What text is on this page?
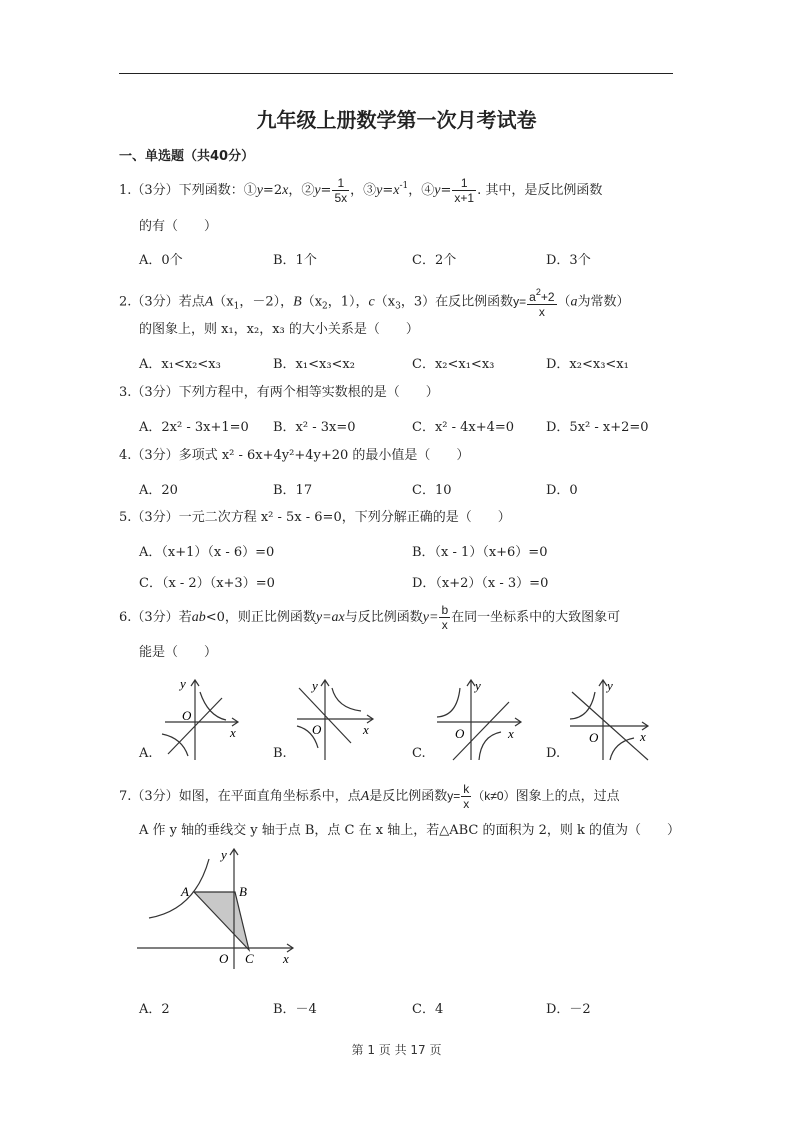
九年级上册数学第一次月考试卷
一、单选题（共40分）
1.（3分）下列函数：①y=2x，②y= $\frac{1}{5x}$ ，$③y=x^{-1}$，④y= $\frac{1}{x+1}$ . 其中，是反比例函数
的有（　　）
A．0个	B．1个	C．2个	D．3个
2.（3分）若点$A(x_1$，－2），$B(x_2$，1），$c(x_3$，3）在反比例函数$y= \frac{a^2+2}{x} (a$为常数）
的图象上，则 x₁，x₂，x₃ 的大小关系是（　　）
A．x₁<x₂<x₃	B．x₁<x₃<x₂	C．x₂<x₁<x₃	D．x₂<x₃<x₁
3.（3分）下列方程中，有两个相等实数根的是（　　）
A．2x² - 3x+1=0 B．x² - 3x=0	C．x² - 4x+4=0 D．5x² - x+2=0
4.（3分）多项式 x² - 6x+4y²+4y+20 的最小值是（　　）
A．20	B．17	C．10	D．0
5.（3分）一元二次方程 x² - 5x - 6=0，下列分解正确的是（　　）
A．（x+1）（x - 6）=0	B．（x - 1）（x+6）=0
C．（x - 2）（x+3）=0	D．（x+2）（x - 3）=0
6.（3分）若ab<0，则正比例函数y=ax与反比例函数$y= \frac{b}{x}$ 在同一坐标系中的大致图象可
能是（　　）
A.
y
O
x
B.
y
O	x
C.
y
O	x
D.
y
O	x
7.（3分）如图，在平面直角坐标系中，点A是反比例函数$y= \frac{k}{x} (k\ne 0)$图象上的点，过点
A 作 y 轴的垂线交 y 轴于点 B，点 C 在 x 轴上，若△ABC 的面积为 2，则 k 的值为（　　）
A	B
O C x
y
A．2	B．－4	C．4	D．－2
第 1 页 共 17 页
